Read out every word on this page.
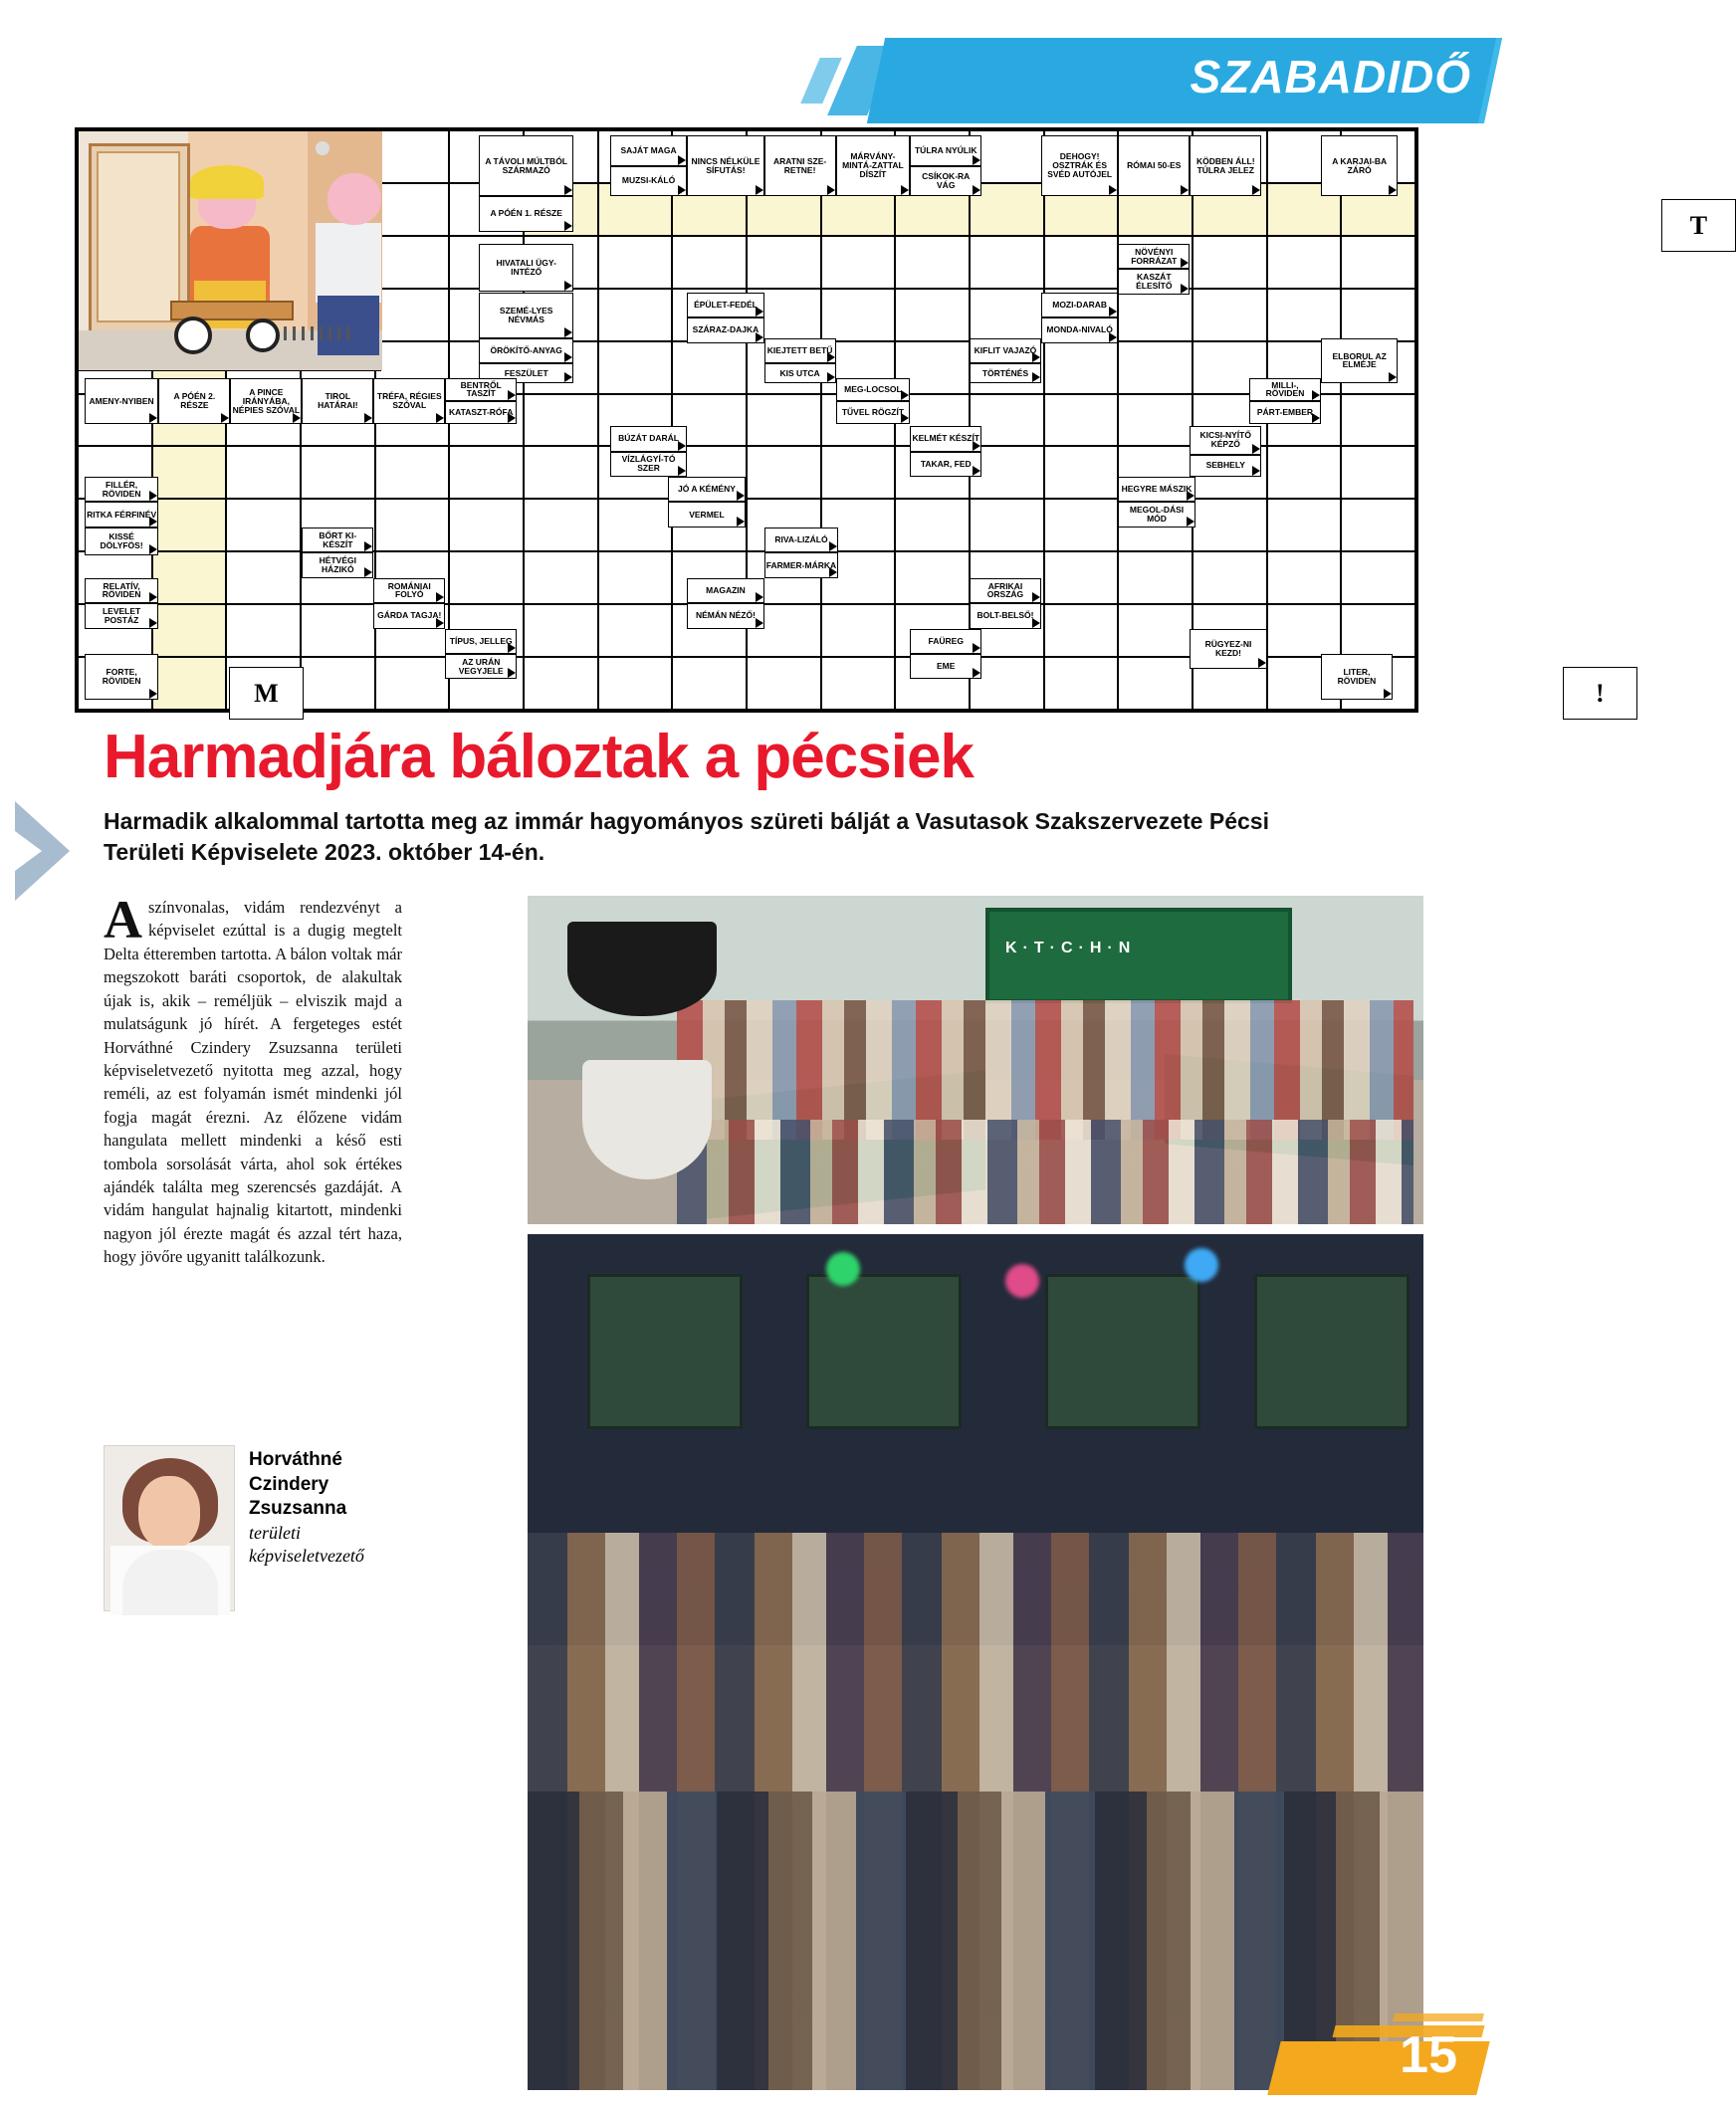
SZABADIDŐ
A TÁVOLI MÚLTBÓL SZÁRMAZÓ
SAJÁT MAGA
MUZSI-KÁLÓ
NINCS NÉLKÜLE SÍFUTÁS!
ARATNI SZE-RETNE!
MÁRVÁNY-MINTÁ-ZATTAL DÍSZÍT
TÚLRA NYÚLIK
CSÍKOK-RA VÁG
DEHOGY! OSZTRÁK ÉS SVÉD AUTÓJEL
RÓMAI 50-ES	KÖDBEN ÁLL! TÚLRA JELEZ
A KARJAI-BA ZÁRÓ
A PÓÉN 1. RÉSZE
HIVATALI ÜGY-INTÉZŐ
NÖVÉNYI FORRÁZAT
KASZÁT ÉLESÍTŐ
SZEMÉ-LYES NÉVMÁS
ÉPÜLET-FEDÉL
SZÁRAZ-DAJKA
MOZI-DARAB
MONDA-NIVALÓ
ÖRÖKÍTŐ-ANYAG
FESZÜLET
KIEJTETT BETŰ
KIS UTCA
KIFLIT VAJAZÓ
TÖRTÉNÉS
ELBORUL AZ ELMÉJE
AMENY-NYIBEN	A PÓÉN 2. RÉSZE
A PINCE IRÁNYÁBA, NÉPIES SZÓVAL
TIROL HATÁRAI!
TRÉFA, RÉGIES SZÓVAL
BENTRŐL TASZÍT
KATASZT-RÓFA
MEG-LOCSOL
TŰVEL RÖGZÍT
MILLI-, RÖVIDEN
PÁRT-EMBER
BÚZÁT DARÁL
VÍZLÁGYÍ-TÓ SZER
KELMÉT KÉSZÍT
TAKAR, FED
KICSI-NYÍTŐ KÉPZŐ
SEBHELY
FILLÉR, RÖVIDEN
RITKA FÉRFINÉV
JÓ A KÉMÉNY
VERMEL
HEGYRE MÁSZIK
MEGOL-DÁSI MÓD
KISSÉ DÖLYFÖS!
BŐRT KI-KÉSZÍT
HÉTVÉGI HÁZIKÓ
RIVA-LIZÁLÓ
FARMER-MÁRKA
RELATÍV, RÖVIDEN
LEVELET POSTÁZ
ROMÁNIAI FOLYÓ
GÁRDA TAGJA!
MAGAZIN
NÉMÁN NÉZŐ!
AFRIKAI ORSZÁG
BOLT-BELSŐ!
TÍPUS, JELLEG
AZ URÁN VEGYJELE
FAÜREG
EME
RÜGYEZ-NI KEZD!
FORTE, RÖVIDEN
LITER, RÖVIDEN
T
M	!
Harmadjára báloztak a pécsiek
Harmadik alkalommal tartotta meg az immár hagyományos szüreti bálját a Vasutasok Szakszervezete Pécsi Területi Képviselete 2023. október 14-én.
Aszínvonalas, vidám rendezvényt a képviselet ezúttal is a dugig megtelt Delta étteremben tartotta. A bálon voltak már megszokott baráti csoportok, de alakultak újak is, akik – reméljük – elviszik majd a mulatságunk jó hírét. A fergeteges estét Horváthné Czindery Zsuzsanna területi képviseletvezető nyitotta meg azzal, hogy reméli, az est folyamán ismét mindenki jól fogja magát érezni. Az élőzene vidám hangulata mellett mindenki a késő esti tombola sorsolását várta, ahol sok értékes ajándék találta meg szerencsés gazdáját. A vidám hangulat hajnalig kitartott, mindenki nagyon jól érezte magát és azzal tért haza, hogy jövőre ugyanitt találkozunk.
K·T·C·H·N
Horváthné
Czindery
Zsuzsanna
területi
képviseletvezető
15
